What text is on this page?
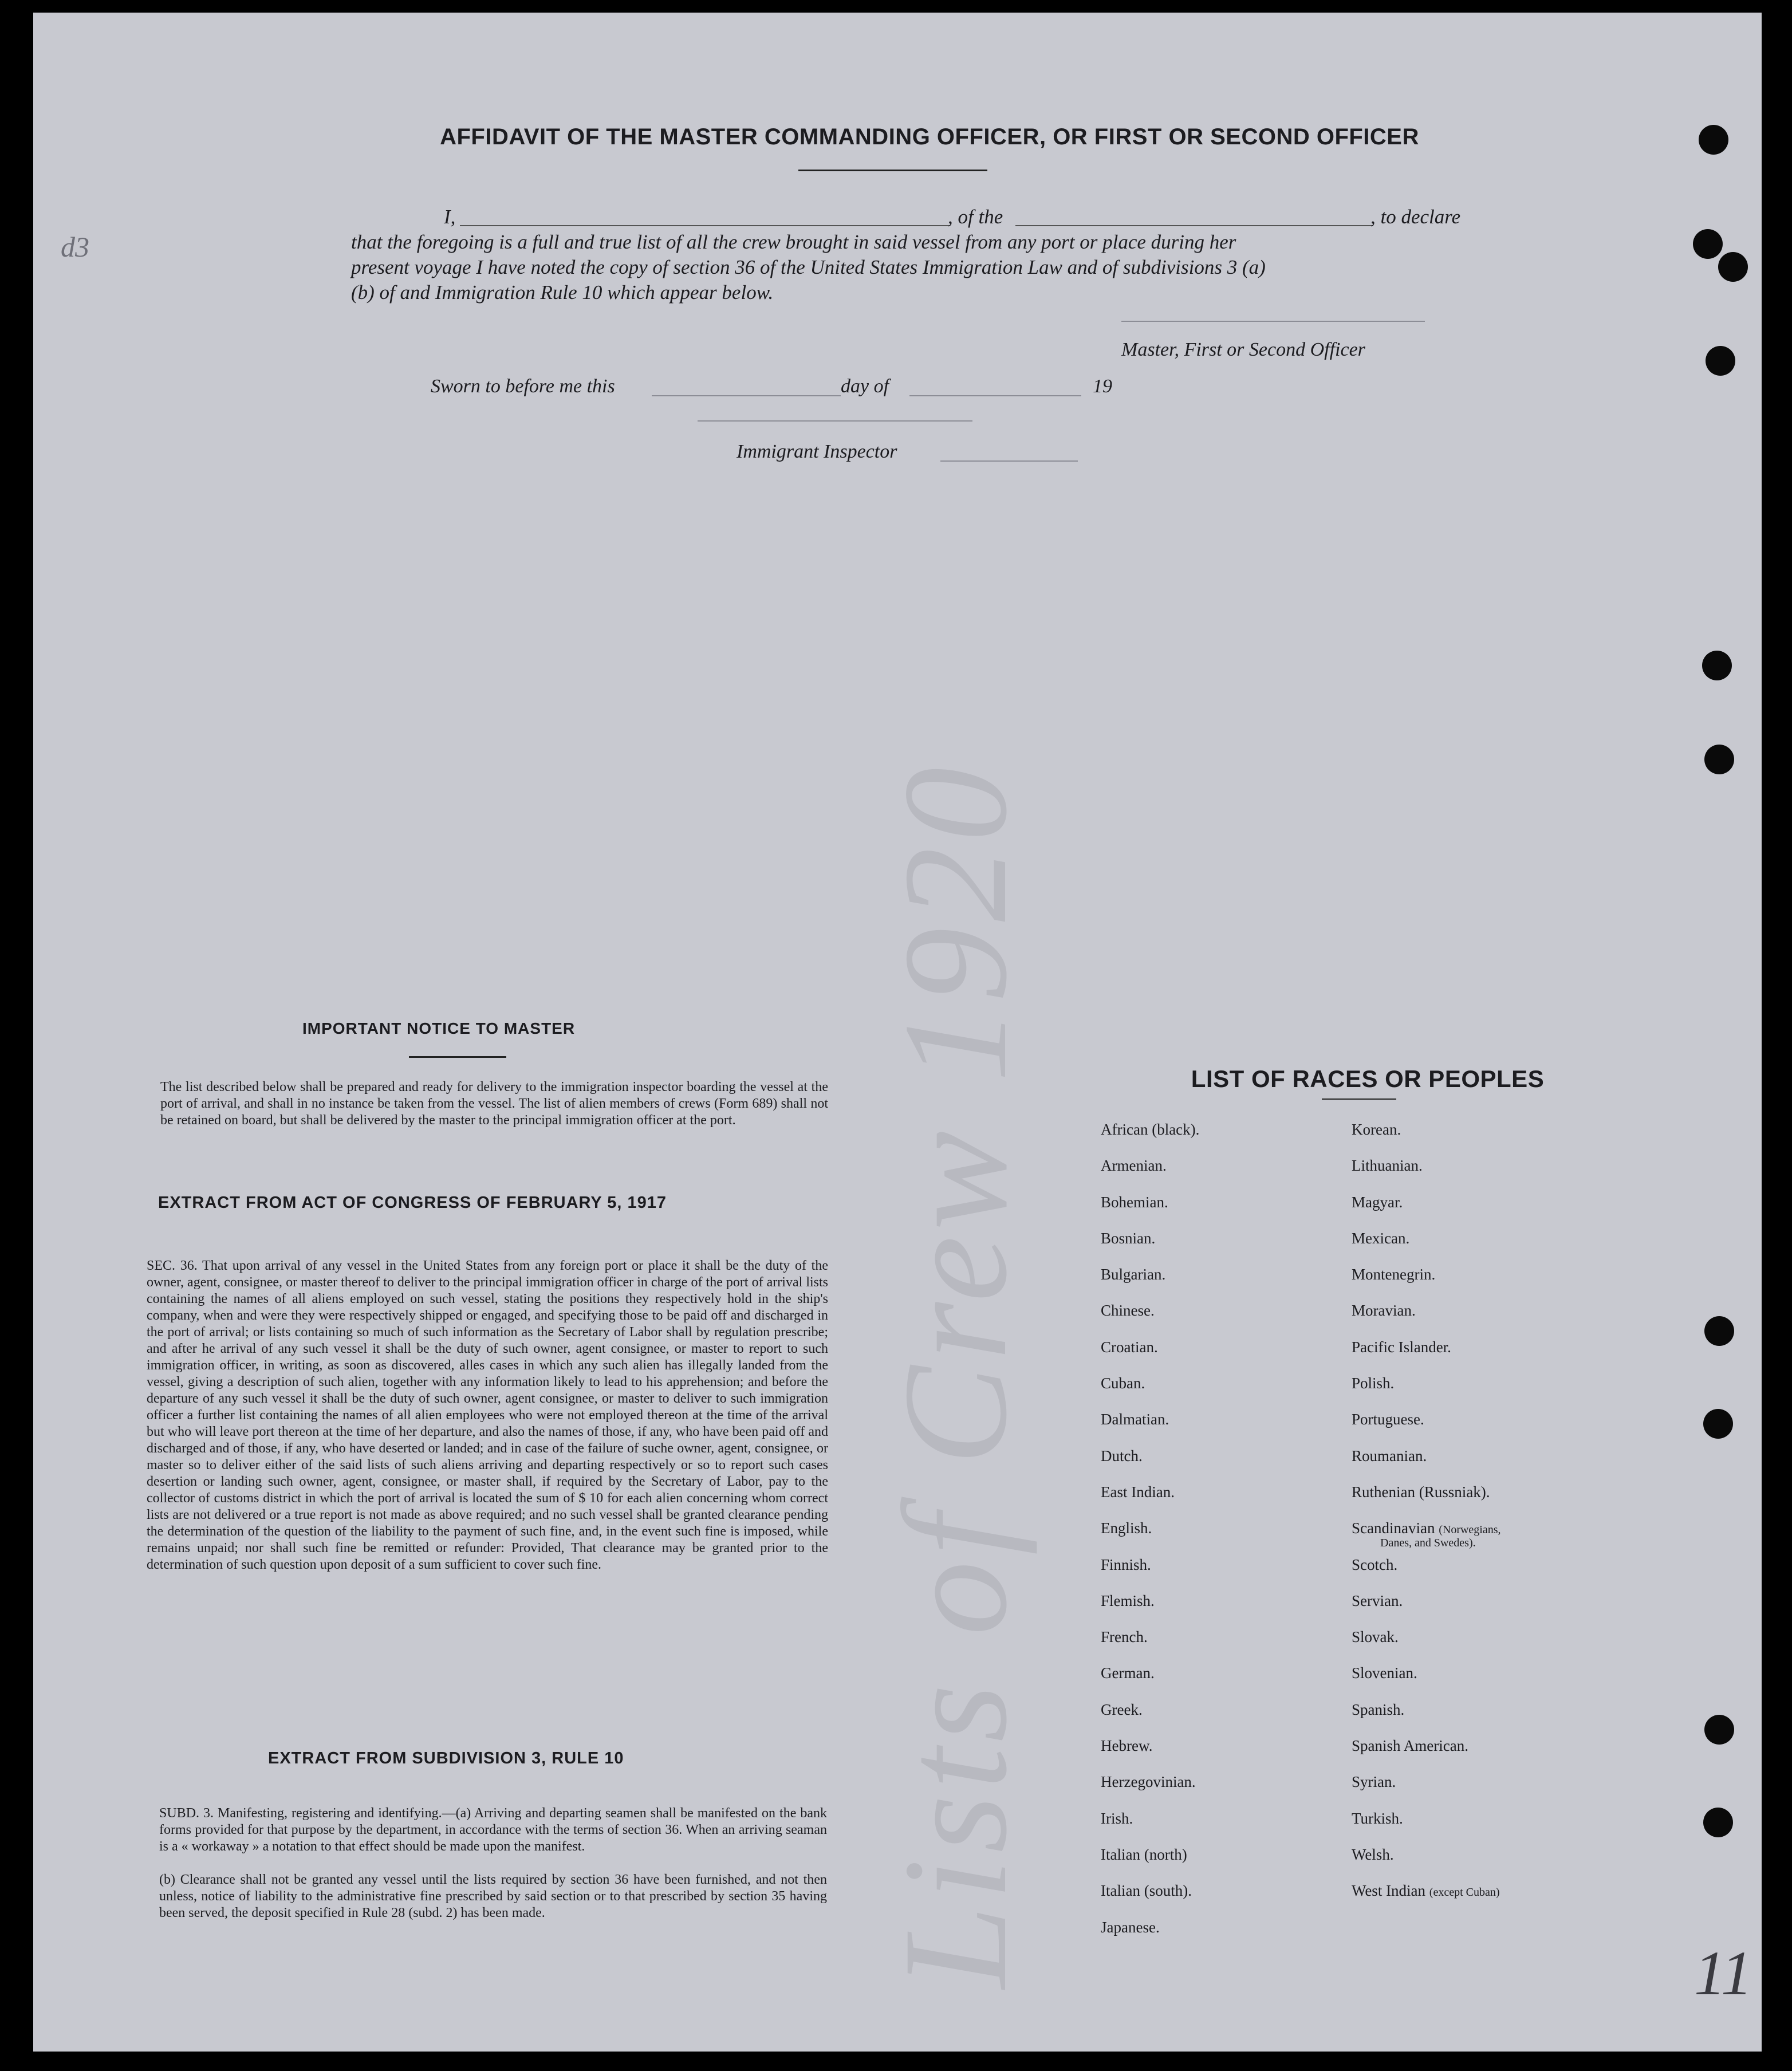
Lists of Crew 1920
d3
11
AFFIDAVIT OF THE MASTER COMMANDING OFFICER, OR FIRST OR SECOND OFFICER
I,	, of the	, to declare
that the foregoing is a full and true list of all the crew brought in said vessel from any port or place during her
present voyage I have noted the copy of section 36 of the United States Immigration Law and of subdivisions 3 (a)
(b) of and Immigration Rule 10 which appear below.
Master, First or Second Officer
Sworn to before me this	day of	19
Immigrant Inspector
IMPORTANT NOTICE TO MASTER
The list described below shall be prepared and ready for delivery to the immigration inspector boarding the vessel at the port of arrival, and shall in no instance be taken from the vessel. The list of alien members of crews (Form 689) shall not be retained on board, but shall be delivered by the master to the principal immigration officer at the port.
EXTRACT FROM ACT OF CONGRESS OF FEBRUARY 5, 1917
SEC. 36. That upon arrival of any vessel in the United States from any foreign port or place it shall be the duty of the owner, agent, consignee, or master thereof to deliver to the principal immigration officer in charge of the port of arrival lists containing the names of all aliens employed on such vessel, stating the positions they respectively hold in the ship's company, when and were they were respectively shipped or engaged, and specifying those to be paid off and discharged in the port of arrival; or lists containing so much of such information as the Secretary of Labor shall by regulation prescribe; and after he arrival of any such vessel it shall be the duty of such owner, agent consignee, or master to report to such immigration officer, in writing, as soon as discovered, alles cases in which any such alien has illegally landed from the vessel, giving a description of such alien, together with any information likely to lead to his apprehension; and before the departure of any such vessel it shall be the duty of such owner, agent consignee, or master to deliver to such immigration officer a further list containing the names of all alien employees who were not employed thereon at the time of the arrival but who will leave port thereon at the time of her departure, and also the names of those, if any, who have been paid off and discharged and of those, if any, who have deserted or landed; and in case of the failure of suche owner, agent, consignee, or master so to deliver either of the said lists of such aliens arriving and departing respectively or so to report such cases desertion or landing such owner, agent, consignee, or master shall, if required by the Secretary of Labor, pay to the collector of customs district in which the port of arrival is located the sum of $ 10 for each alien concerning whom correct lists are not delivered or a true report is not made as above required; and no such vessel shall be granted clearance pending the determination of the question of the liability to the payment of such fine, and, in the event such fine is imposed, while remains unpaid; nor shall such fine be remitted or refunder: Provided, That clearance may be granted prior to the determination of such question upon deposit of a sum sufficient to cover such fine.
EXTRACT FROM SUBDIVISION 3, RULE 10
SUBD. 3. Manifesting, registering and identifying.—(a) Arriving and departing seamen shall be manifested on the bank forms provided for that purpose by the department, in accordance with the terms of section 36. When an arriving seaman is a « workaway » a notation to that effect should be made upon the manifest.
(b) Clearance shall not be granted any vessel until the lists required by section 36 have been furnished, and not then unless, notice of liability to the administrative fine prescribed by said section or to that prescribed by section 35 having been served, the deposit specified in Rule 28 (subd. 2) has been made.
LIST OF RACES OR PEOPLES
African (black).
Armenian.
Bohemian.
Bosnian.
Bulgarian.
Chinese.
Croatian.
Cuban.
Dalmatian.
Dutch.
East Indian.
English.
Finnish.
Flemish.
French.
German.
Greek.
Hebrew.
Herzegovinian.
Irish.
Italian (north)
Italian (south).
Japanese.
Korean.
Lithuanian.
Magyar.
Mexican.
Montenegrin.
Moravian.
Pacific Islander.
Polish.
Portuguese.
Roumanian.
Ruthenian (Russniak).
Scandinavian (Norwegians,
Danes, and Swedes).
Scotch.
Servian.
Slovak.
Slovenian.
Spanish.
Spanish American.
Syrian.
Turkish.
Welsh.
West Indian (except Cuban)
